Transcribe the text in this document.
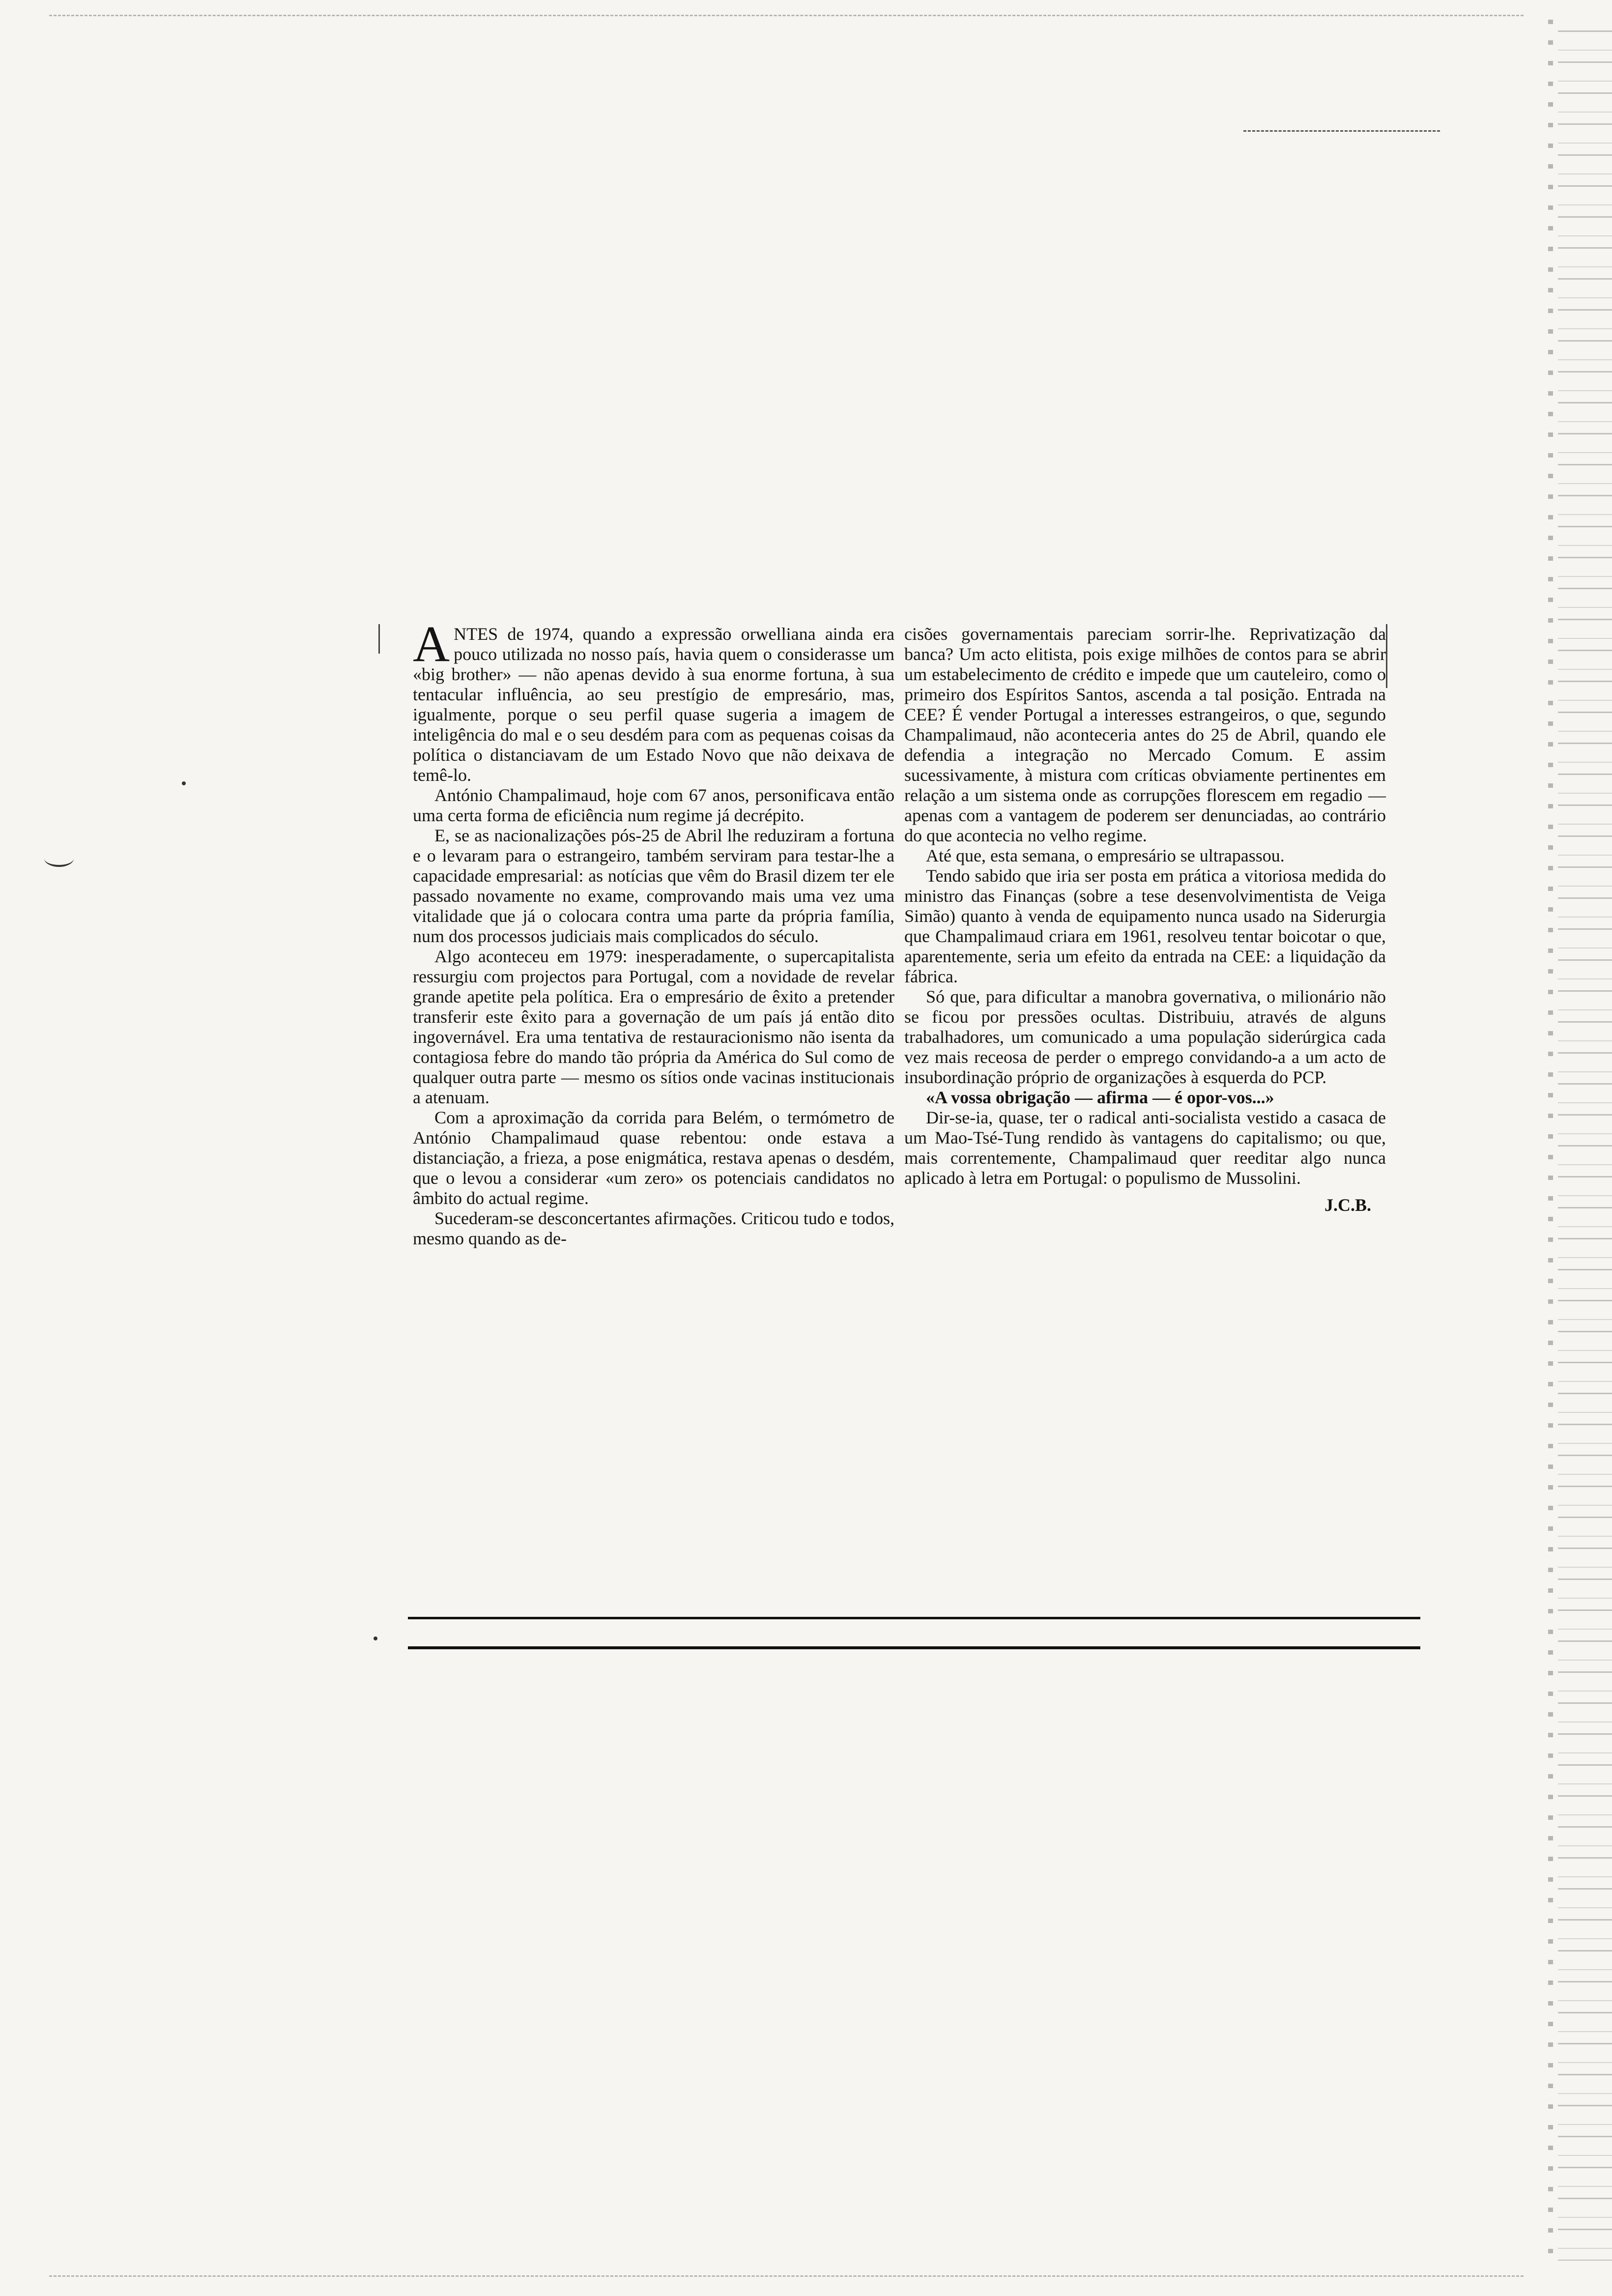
ANTES de 1974, quando a expressão orwelliana ainda era pouco utilizada no nosso país, havia quem o considerasse um «big brother» — não apenas devido à sua enorme fortuna, à sua tentacular influência, ao seu prestígio de empresário, mas, igualmente, porque o seu perfil quase sugeria a imagem de inteligência do mal e o seu desdém para com as pequenas coisas da política o distanciavam de um Estado Novo que não deixava de temê-lo.

António Champalimaud, hoje com 67 anos, personificava então uma certa forma de eficiência num regime já decrépito.

E, se as nacionalizações pós-25 de Abril lhe reduziram a fortuna e o levaram para o estrangeiro, também serviram para testar-lhe a capacidade empresarial: as notícias que vêm do Brasil dizem ter ele passado novamente no exame, comprovando mais uma vez uma vitalidade que já o colocara contra uma parte da própria família, num dos processos judiciais mais complicados do século.

Algo aconteceu em 1979: inesperadamente, o supercapitalista ressurgiu com projectos para Portugal, com a novidade de revelar grande apetite pela política. Era o empresário de êxito a pretender transferir este êxito para a governação de um país já então dito ingovernável. Era uma tentativa de restauracionismo não isenta da contagiosa febre do mando tão própria da América do Sul como de qualquer outra parte — mesmo os sítios onde vacinas institucionais a atenuam.

Com a aproximação da corrida para Belém, o termómetro de António Champalimaud quase rebentou: onde estava a distanciação, a frieza, a pose enigmática, restava apenas o desdém, que o levou a considerar «um zero» os potenciais candidatos no âmbito do actual regime.

Sucederam-se desconcertantes afirmações. Criticou tudo e todos, mesmo quando as de-

cisões governamentais pareciam sorrir-lhe. Reprivatização da banca? Um acto elitista, pois exige milhões de contos para se abrir um estabelecimento de crédito e impede que um cauteleiro, como o primeiro dos Espíritos Santos, ascenda a tal posição. Entrada na CEE? É vender Portugal a interesses estrangeiros, o que, segundo Champalimaud, não aconteceria antes do 25 de Abril, quando ele defendia a integração no Mercado Comum. E assim sucessivamente, à mistura com críticas obviamente pertinentes em relação a um sistema onde as corrupções florescem em regadio — apenas com a vantagem de poderem ser denunciadas, ao contrário do que acontecia no velho regime.

Até que, esta semana, o empresário se ultrapassou.

Tendo sabido que iria ser posta em prática a vitoriosa medida do ministro das Finanças (sobre a tese desenvolvimentista de Veiga Simão) quanto à venda de equipamento nunca usado na Siderurgia que Champalimaud criara em 1961, resolveu tentar boicotar o que, aparentemente, seria um efeito da entrada na CEE: a liquidação da fábrica.

Só que, para dificultar a manobra governativa, o milionário não se ficou por pressões ocultas. Distribuiu, através de alguns trabalhadores, um comunicado a uma população siderúrgica cada vez mais receosa de perder o emprego convidando-a a um acto de insubordinação próprio de organizações à esquerda do PCP.

«A vossa obrigação — afirma — é opor-vos...»

Dir-se-ia, quase, ter o radical anti-socialista vestido a casaca de um Mao-Tsé-Tung rendido às vantagens do capitalismo; ou que, mais correntemente, Champalimaud quer reeditar algo nunca aplicado à letra em Portugal: o populismo de Mussolini.

J.C.B.
